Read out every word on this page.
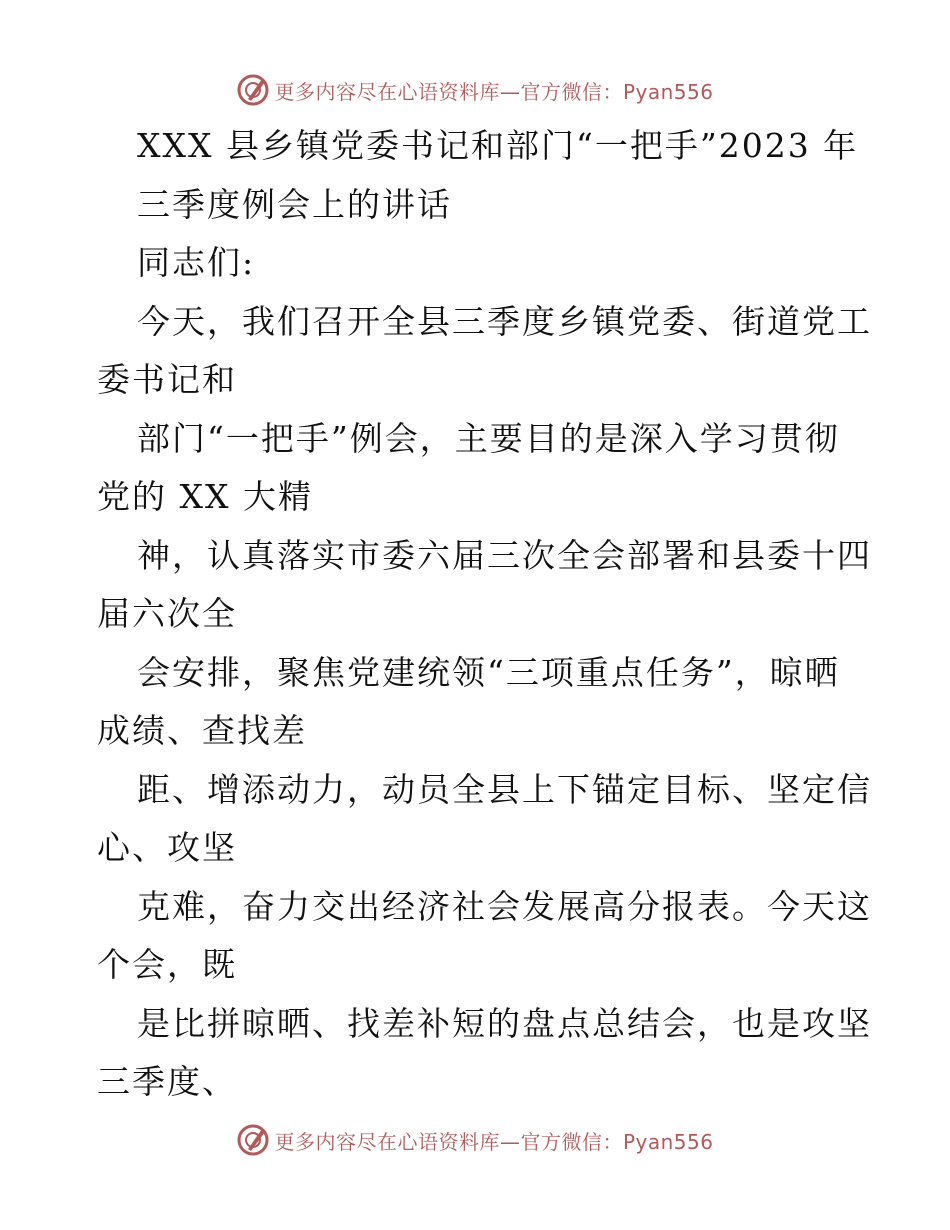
更多内容尽在心语资料库—官方微信：Pyan556
XXX 县乡镇党委书记和部门“一把手”2023 年
三季度例会上的讲话
同志们:
今天，我们召开全县三季度乡镇党委、街道党工
委书记和
部门“一把手”例会，主要目的是深入学习贯彻
党的 XX 大精
神，认真落实市委六届三次全会部署和县委十四
届六次全
会安排，聚焦党建统领“三项重点任务”，晾晒
成绩、查找差
距、增添动力，动员全县上下锚定目标、坚定信
心、攻坚
克难，奋力交出经济社会发展高分报表。今天这
个会，既
是比拼晾晒、找差补短的盘点总结会，也是攻坚
三季度、
更多内容尽在心语资料库—官方微信：Pyan556
